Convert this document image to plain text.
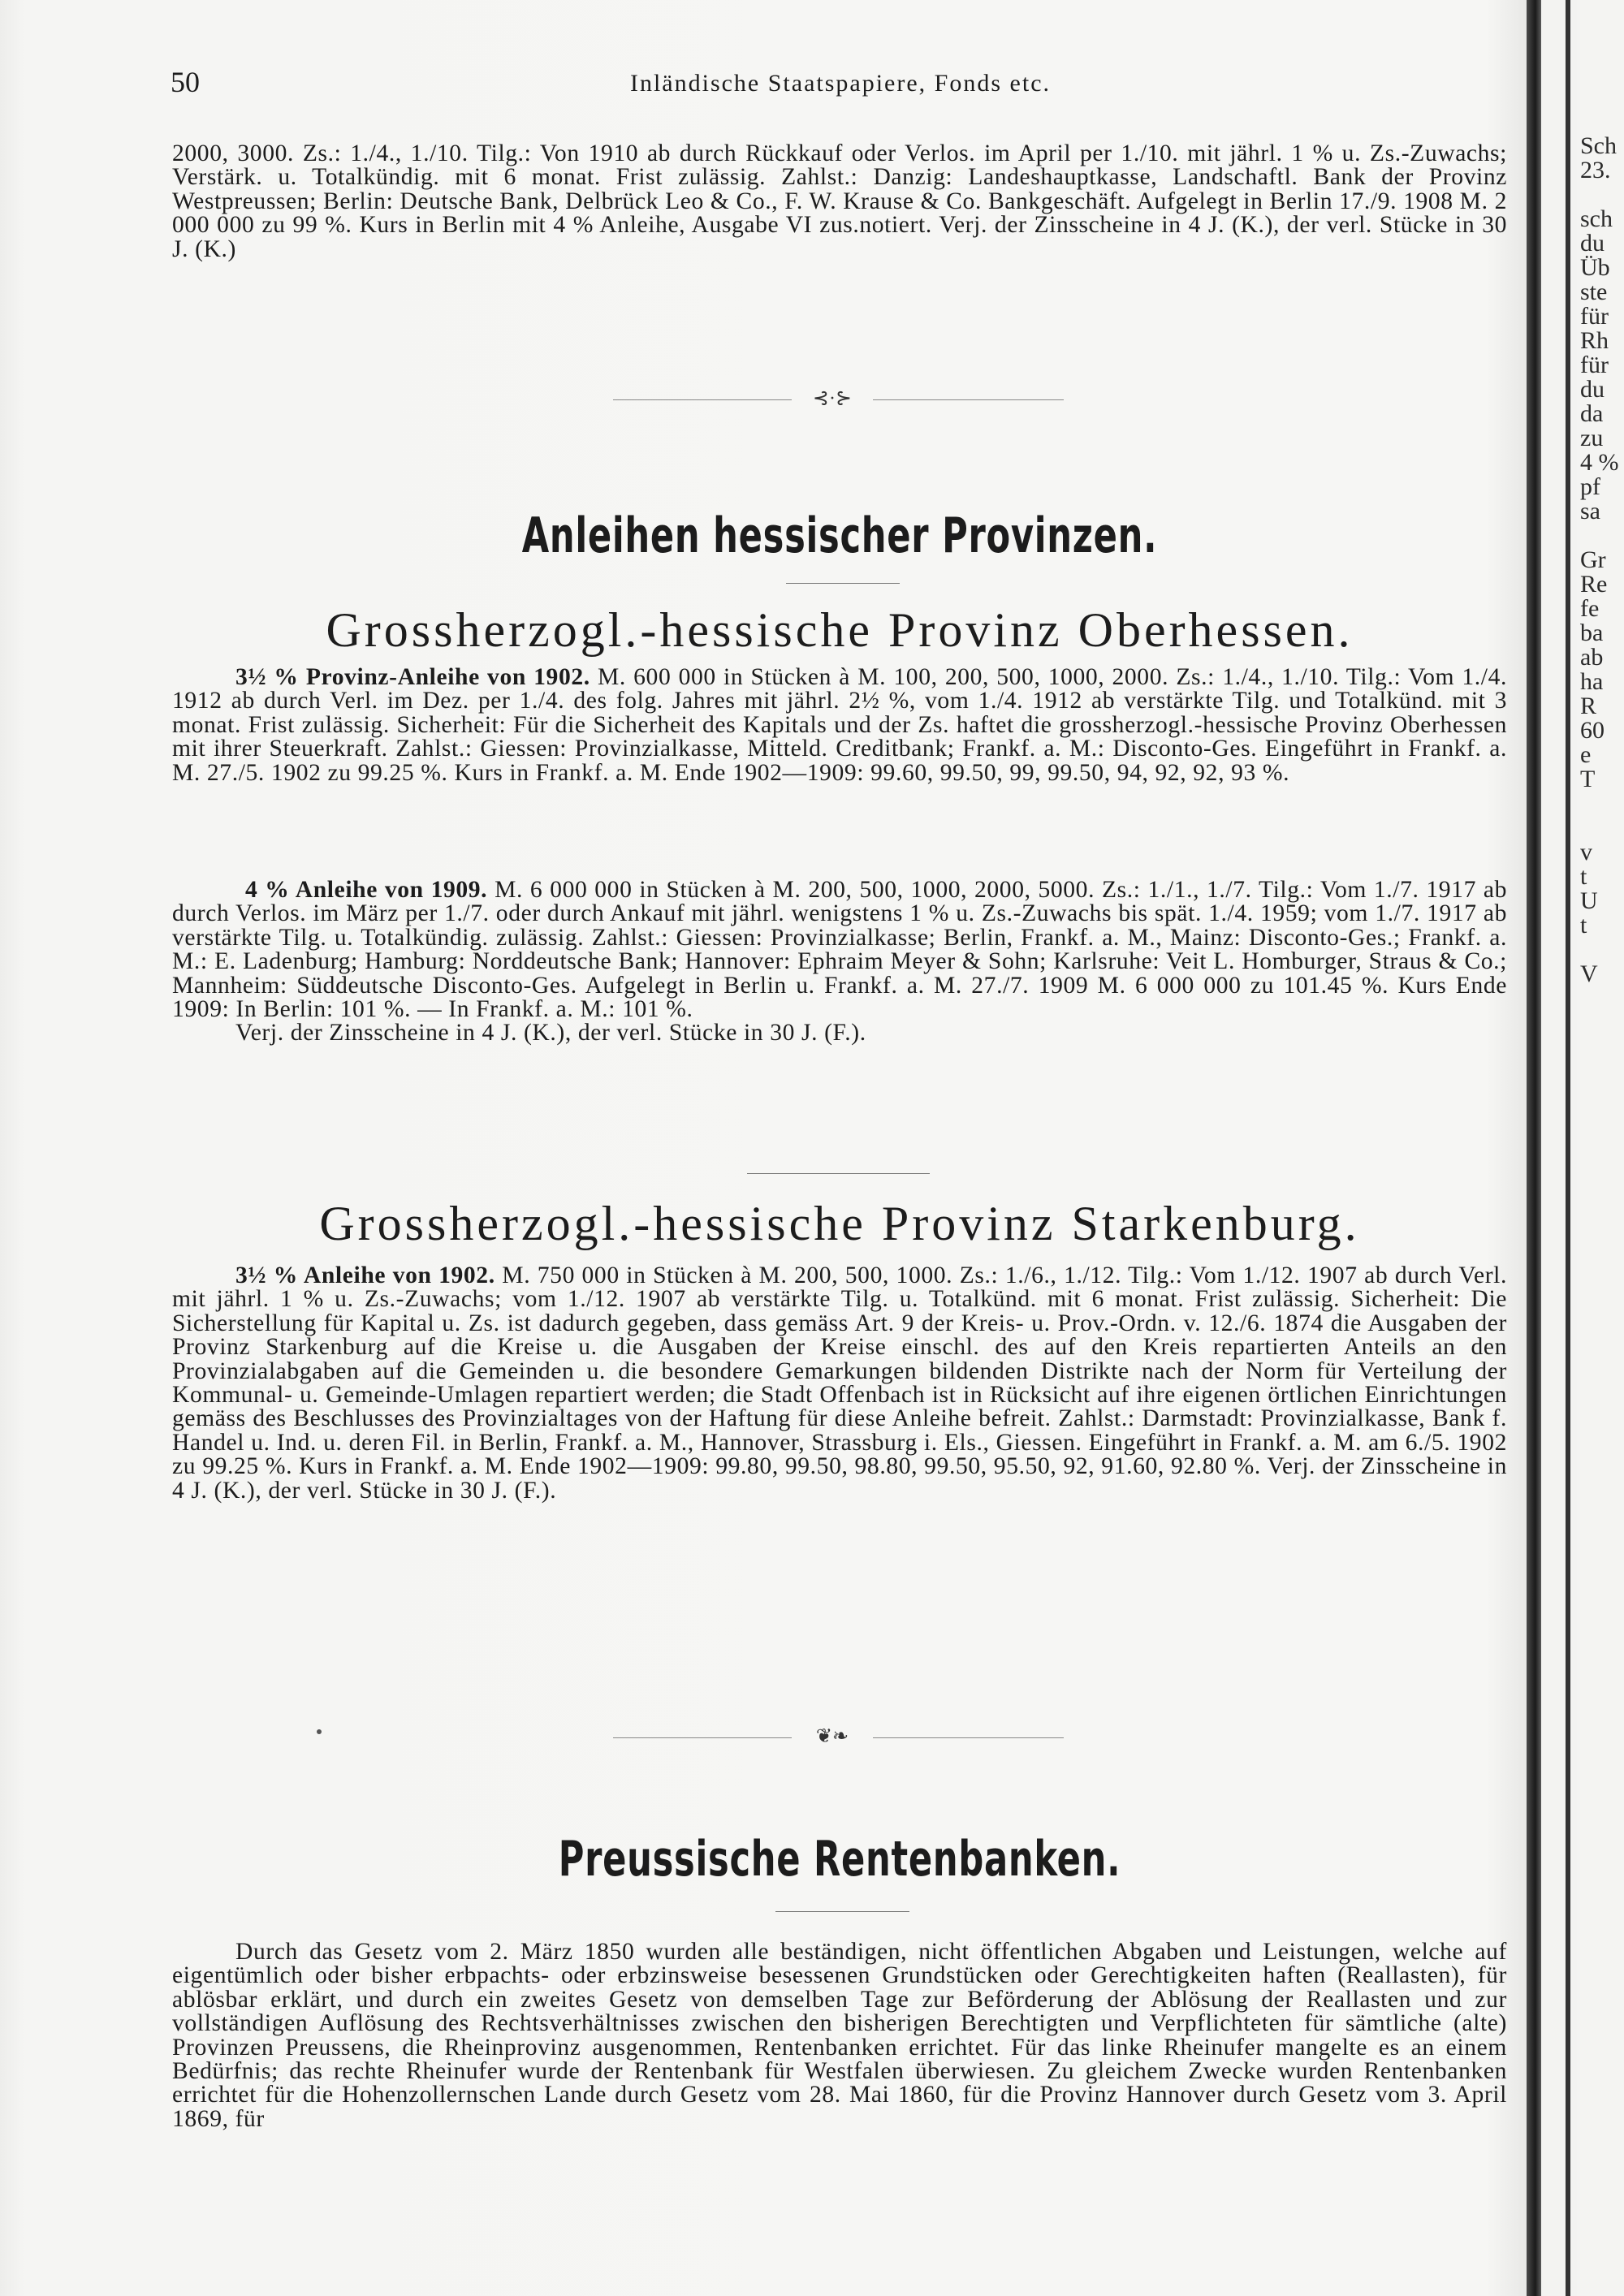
Sch
23.
sch
du
Üb
ste
für
Rh
für
du
da
zu
4 %
pf
sa
Gr
Re
fe
ba
ab
ha
R
60
e
T
v
t
U
t
V
50	Inländische Staatspapiere, Fonds etc.

2000, 3000. Zs.: 1./4., 1./10. Tilg.: Von 1910 ab durch Rückkauf oder Verlos. im April per 1./10. mit jährl. 1 % u. Zs.-Zuwachs; Verstärk. u. Totalkündig. mit 6 monat. Frist zulässig. Zahlst.: Danzig: Landeshauptkasse, Landschaftl. Bank der Provinz Westpreussen; Berlin: Deutsche Bank, Delbrück Leo & Co., F. W. Krause & Co. Bankgeschäft. Aufgelegt in Berlin 17./9. 1908 M. 2 000 000 zu 99 %. Kurs in Berlin mit 4 % Anleihe, Ausgabe VI zus.notiert. Verj. der Zinsscheine in 4 J. (K.), der verl. Stücke in 30 J. (K.)

⊰·⊱
Anleihen hessischer Provinzen.
Grossherzogl.-hessische Provinz Oberhessen.

3½ % Provinz-Anleihe von 1902. M. 600 000 in Stücken à M. 100, 200, 500, 1000, 2000. Zs.: 1./4., 1./10. Tilg.: Vom 1./4. 1912 ab durch Verl. im Dez. per 1./4. des folg. Jahres mit jährl. 2½ %, vom 1./4. 1912 ab verstärkte Tilg. und Totalkünd. mit 3 monat. Frist zulässig. Sicherheit: Für die Sicherheit des Kapitals und der Zs. haftet die grossherzogl.-hessische Provinz Oberhessen mit ihrer Steuerkraft. Zahlst.: Giessen: Provinzialkasse, Mitteld. Creditbank; Frankf. a. M.: Disconto-Ges. Eingeführt in Frankf. a. M. 27./5. 1902 zu 99.25 %. Kurs in Frankf. a. M. Ende 1902—1909: 99.60, 99.50, 99, 99.50, 94, 92, 92, 93 %.

4 % Anleihe von 1909. M. 6 000 000 in Stücken à M. 200, 500, 1000, 2000, 5000. Zs.: 1./1., 1./7. Tilg.: Vom 1./7. 1917 ab durch Verlos. im März per 1./7. oder durch Ankauf mit jährl. wenigstens 1 % u. Zs.-Zuwachs bis spät. 1./4. 1959; vom 1./7. 1917 ab verstärkte Tilg. u. Totalkündig. zulässig. Zahlst.: Giessen: Provinzialkasse; Berlin, Frankf. a. M., Mainz: Disconto-Ges.; Frankf. a. M.: E. Ladenburg; Hamburg: Norddeutsche Bank; Hannover: Ephraim Meyer & Sohn; Karlsruhe: Veit L. Homburger, Straus & Co.; Mannheim: Süddeutsche Disconto-Ges. Aufgelegt in Berlin u. Frankf. a. M. 27./7. 1909 M. 6 000 000 zu 101.45 %. Kurs Ende 1909: In Berlin: 101 %. — In Frankf. a. M.: 101 %.

Verj. der Zinsscheine in 4 J. (K.), der verl. Stücke in 30 J. (F.).

Grossherzogl.-hessische Provinz Starkenburg.

3½ % Anleihe von 1902. M. 750 000 in Stücken à M. 200, 500, 1000. Zs.: 1./6., 1./12. Tilg.: Vom 1./12. 1907 ab durch Verl. mit jährl. 1 % u. Zs.-Zuwachs; vom 1./12. 1907 ab verstärkte Tilg. u. Totalkünd. mit 6 monat. Frist zulässig. Sicherheit: Die Sicherstellung für Kapital u. Zs. ist dadurch gegeben, dass gemäss Art. 9 der Kreis- u. Prov.-Ordn. v. 12./6. 1874 die Ausgaben der Provinz Starkenburg auf die Kreise u. die Ausgaben der Kreise einschl. des auf den Kreis repartierten Anteils an den Provinzialabgaben auf die Gemeinden u. die besondere Gemarkungen bildenden Distrikte nach der Norm für Verteilung der Kommunal- u. Gemeinde-Umlagen repartiert werden; die Stadt Offenbach ist in Rücksicht auf ihre eigenen örtlichen Einrichtungen gemäss des Beschlusses des Provinzialtages von der Haftung für diese Anleihe befreit. Zahlst.: Darmstadt: Provinzialkasse, Bank f. Handel u. Ind. u. deren Fil. in Berlin, Frankf. a. M., Hannover, Strassburg i. Els., Giessen. Eingeführt in Frankf. a. M. am 6./5. 1902 zu 99.25 %. Kurs in Frankf. a. M. Ende 1902—1909: 99.80, 99.50, 98.80, 99.50, 95.50, 92, 91.60, 92.80 %. Verj. der Zinsscheine in 4 J. (K.), der verl. Stücke in 30 J. (F.).

❦❧
Preussische Rentenbanken.

Durch das Gesetz vom 2. März 1850 wurden alle beständigen, nicht öffentlichen Abgaben und Leistungen, welche auf eigentümlich oder bisher erbpachts- oder erbzinsweise besessenen Grundstücken oder Gerechtigkeiten haften (Reallasten), für ablösbar erklärt, und durch ein zweites Gesetz von demselben Tage zur Beförderung der Ablösung der Reallasten und zur vollständigen Auflösung des Rechtsverhältnisses zwischen den bisherigen Berechtigten und Verpflichteten für sämtliche (alte) Provinzen Preussens, die Rheinprovinz ausgenommen, Rentenbanken errichtet. Für das linke Rheinufer mangelte es an einem Bedürfnis; das rechte Rheinufer wurde der Rentenbank für Westfalen überwiesen. Zu gleichem Zwecke wurden Rentenbanken errichtet für die Hohenzollernschen Lande durch Gesetz vom 28. Mai 1860, für die Provinz Hannover durch Gesetz vom 3. April 1869, für
